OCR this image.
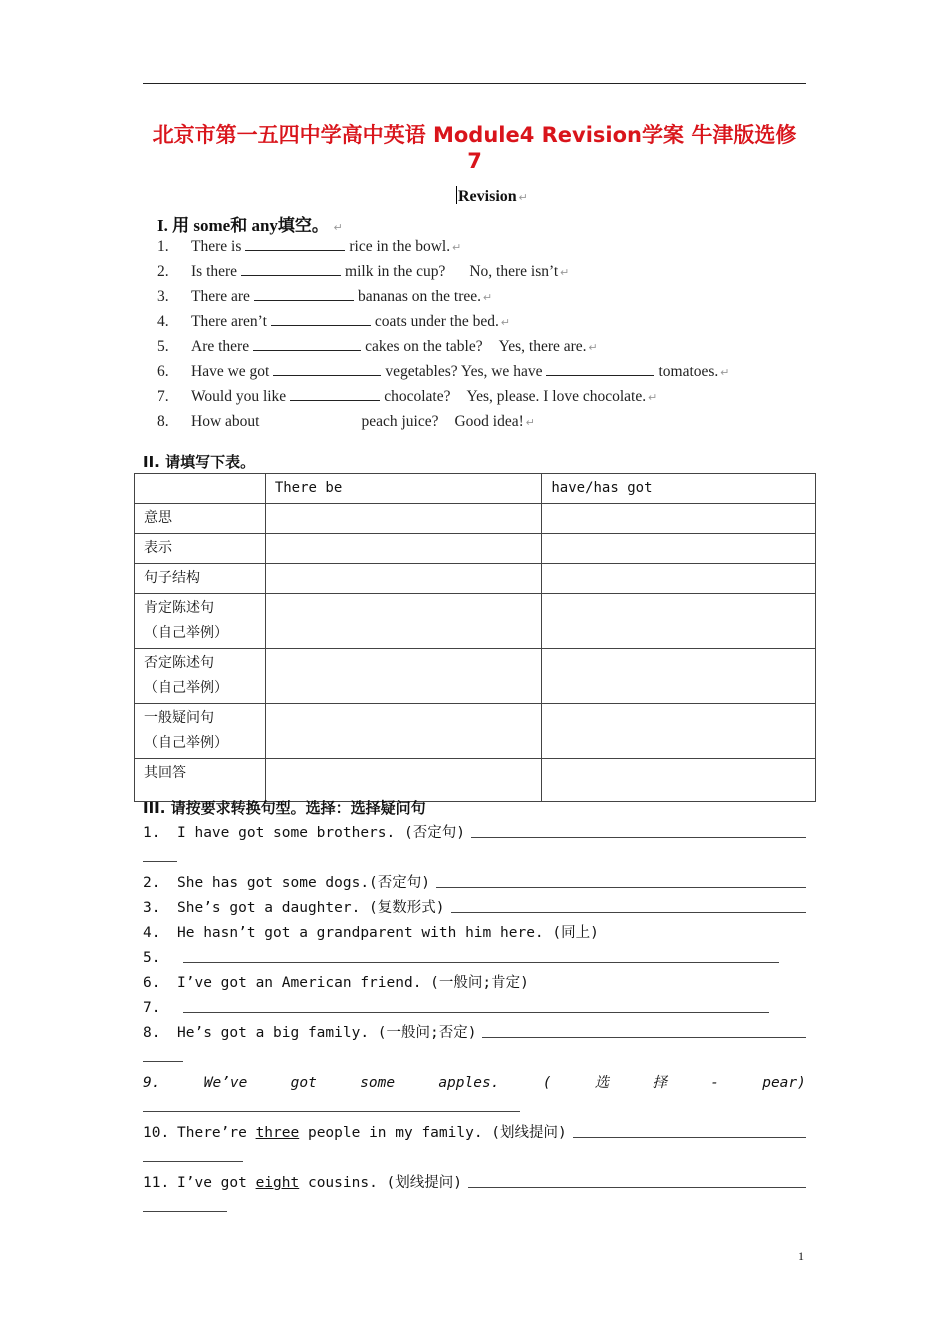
北京市第一五四中学高中英语 Module4 Revision学案 牛津版选修
7
Revision ↵
I. 用 some和 any填空。 ↵
1. There is	rice in the bowl. ↵
2. Is there	milk in the cup? No, there isn’t ↵
3. There are	bananas on the tree. ↵
4. There aren’t	coats under the bed. ↵
5. Are there	cakes on the table? Yes, there are. ↵
6. Have we got	vegetables? Yes, we have	tomatoes. ↵
7. Would you like	chocolate? Yes, please. I love chocolate. ↵
8. How about	peach juice? Good idea! ↵
II. 请填写下表。
	There be	have/has got

意思		

表示		

句子结构		

肯定陈述句
（自己举例）		

否定陈述句
（自己举例）		

一般疑问句
（自己举例）		

其回答		

III. 请按要求转换句型。选择：选择疑问句
1.	I have got some brothers. (否定句)
2.	She has got some dogs.(否定句)
3.	She’s got a daughter. (复数形式)
4.	He hasn’t got a grandparent with him here. (同上)
5.
6.	I’ve got an American friend. (一般问;肯定)
7.
8.	He’s got a big family. (一般问;否定)
9.	We’ve	got	some	apples.	(	选	择	-	pear)
10. There’re three people in my family. (划线提问)
11. I’ve got eight cousins. (划线提问)
1
